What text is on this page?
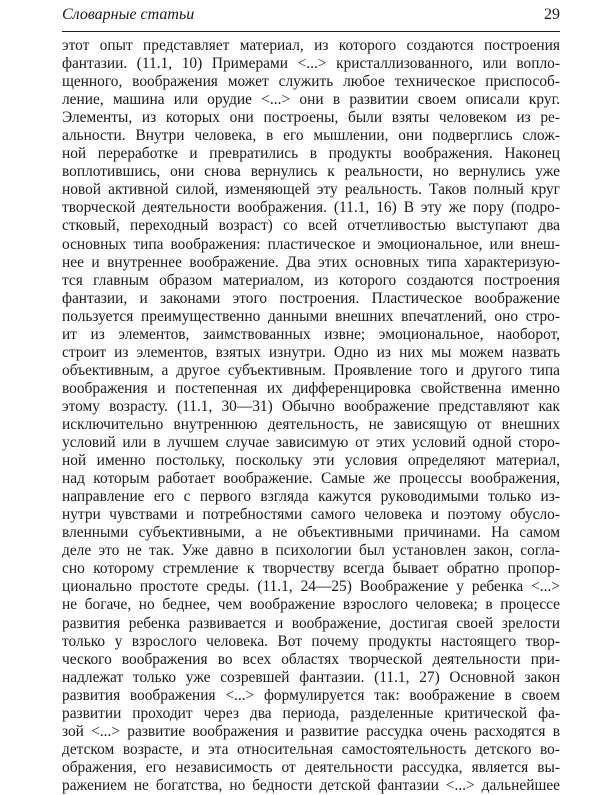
Словарные статьи	29
этот опыт представляет материал, из которого создаются построения
фантазии. (11.1, 10) Примерами <...> кристаллизованного, или вопло-
щенного, воображения может служить любое техническое приспособ-
ление, машина или орудие <...> они в развитии своем описали круг.
Элементы, из которых они построены, были взяты человеком из ре-
альности. Внутри человека, в его мышлении, они подверглись слож-
ной переработке и превратились в продукты воображения. Наконец
воплотившись, они снова вернулись к реальности, но вернулись уже
новой активной силой, изменяющей эту реальность. Таков полный круг
творческой деятельности воображения. (11.1, 16) В эту же пору (подро-
стковый, переходный возраст) со всей отчетливостью выступают два
основных типа воображения: пластическое и эмоциональное, или внеш-
нее и внутреннее воображение. Два этих основных типа характеризую-
тся главным образом материалом, из которого создаются построения
фантазии, и законами этого построения. Пластическое воображение
пользуется преимущественно данными внешних впечатлений, оно стро-
ит из элементов, заимствованных извне; эмоциональное, наоборот,
строит из элементов, взятых изнутри. Одно из них мы можем назвать
объективным, а другое субъективным. Проявление того и другого типа
воображения и постепенная их дифференцировка свойственна именно
этому возрасту. (11.1, 30—31) Обычно воображение представляют как
исключительно внутреннюю деятельность, не зависящую от внешних
условий или в лучшем случае зависимую от этих условий одной сторо-
ной именно постольку, поскольку эти условия определяют материал,
над которым работает воображение. Самые же процессы воображения,
направление его с первого взгляда кажутся руководимыми только из-
нутри чувствами и потребностями самого человека и поэтому обусло-
вленными субъективными, а не объективными причинами. На самом
деле это не так. Уже давно в психологии был установлен закон, согла-
сно которому стремление к творчеству всегда бывает обратно пропор-
ционально простоте среды. (11.1, 24—25) Воображение у ребенка <...>
не богаче, но беднее, чем воображение взрослого человека; в процессе
развития ребенка развивается и воображение, достигая своей зрелости
только у взрослого человека. Вот почему продукты настоящего твор-
ческого воображения во всех областях творческой деятельности при-
надлежат только уже созревшей фантазии. (11.1, 27) Основной закон
развития воображения <...> формулируется так: воображение в своем
развитии проходит через два периода, разделенные критической фа-
зой <...> развитие воображения и развитие рассудка очень расходятся в
детском возрасте, и эта относительная самостоятельность детского во-
ображения, его независимость от деятельности рассудка, является вы-
ражением не богатства, но бедности детской фантазии <...> дальнейшее
